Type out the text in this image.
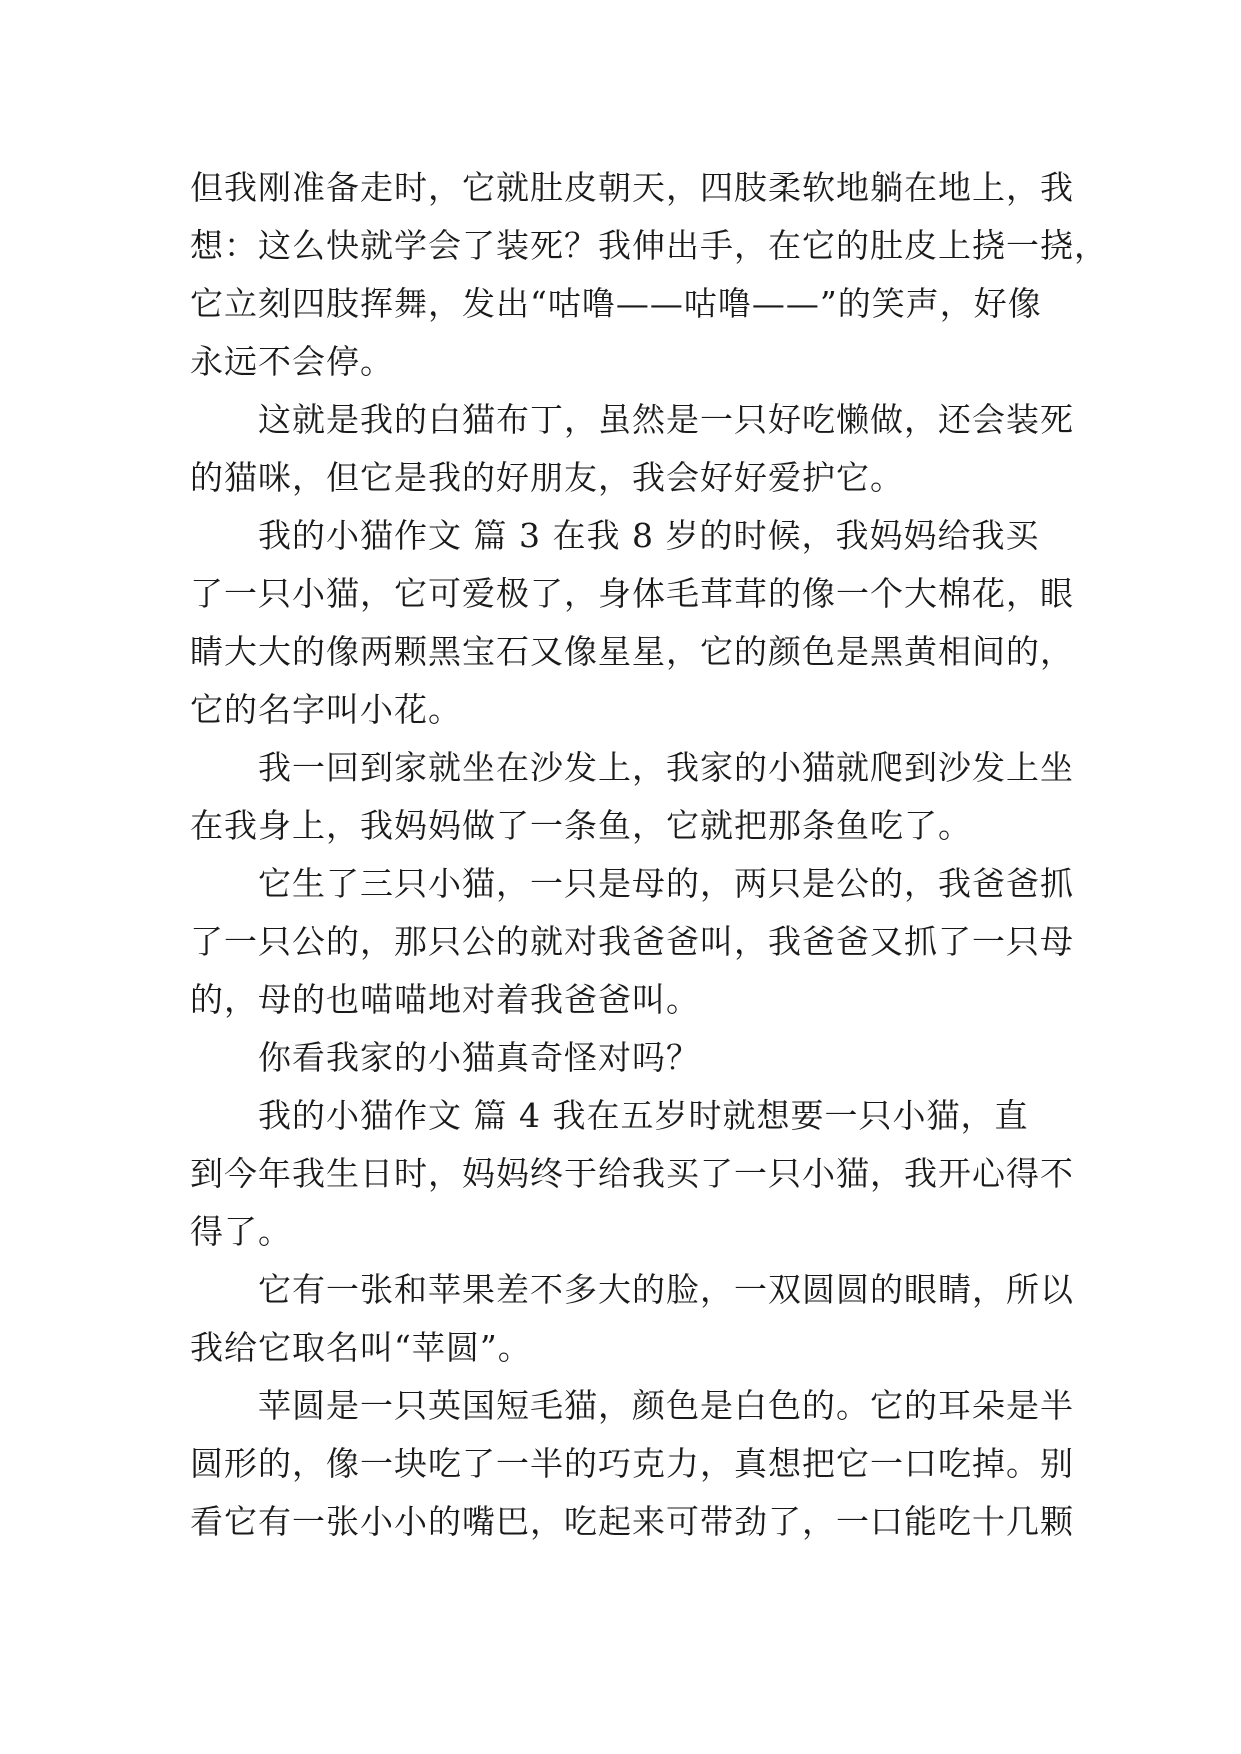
但我刚准备走时，它就肚皮朝天，四肢柔软地躺在地上，我
想：这么快就学会了装死？我伸出手，在它的肚皮上挠一挠，
它立刻四肢挥舞，发出“咕噜——咕噜——”的笑声，好像
永远不会停。
这就是我的白猫布丁，虽然是一只好吃懒做，还会装死
的猫咪，但它是我的好朋友，我会好好爱护它。
我的小猫作文 篇 3 在我 8 岁的时候，我妈妈给我买
了一只小猫，它可爱极了，身体毛茸茸的像一个大棉花，眼
睛大大的像两颗黑宝石又像星星，它的颜色是黑黄相间的，
它的名字叫小花。
我一回到家就坐在沙发上，我家的小猫就爬到沙发上坐
在我身上，我妈妈做了一条鱼，它就把那条鱼吃了。
它生了三只小猫，一只是母的，两只是公的，我爸爸抓
了一只公的，那只公的就对我爸爸叫，我爸爸又抓了一只母
的，母的也喵喵地对着我爸爸叫。
你看我家的小猫真奇怪对吗？
我的小猫作文 篇 4 我在五岁时就想要一只小猫，直
到今年我生日时，妈妈终于给我买了一只小猫，我开心得不
得了。
它有一张和苹果差不多大的脸，一双圆圆的眼睛，所以
我给它取名叫“苹圆”。
苹圆是一只英国短毛猫，颜色是白色的。它的耳朵是半
圆形的，像一块吃了一半的巧克力，真想把它一口吃掉。别
看它有一张小小的嘴巴，吃起来可带劲了，一口能吃十几颗
